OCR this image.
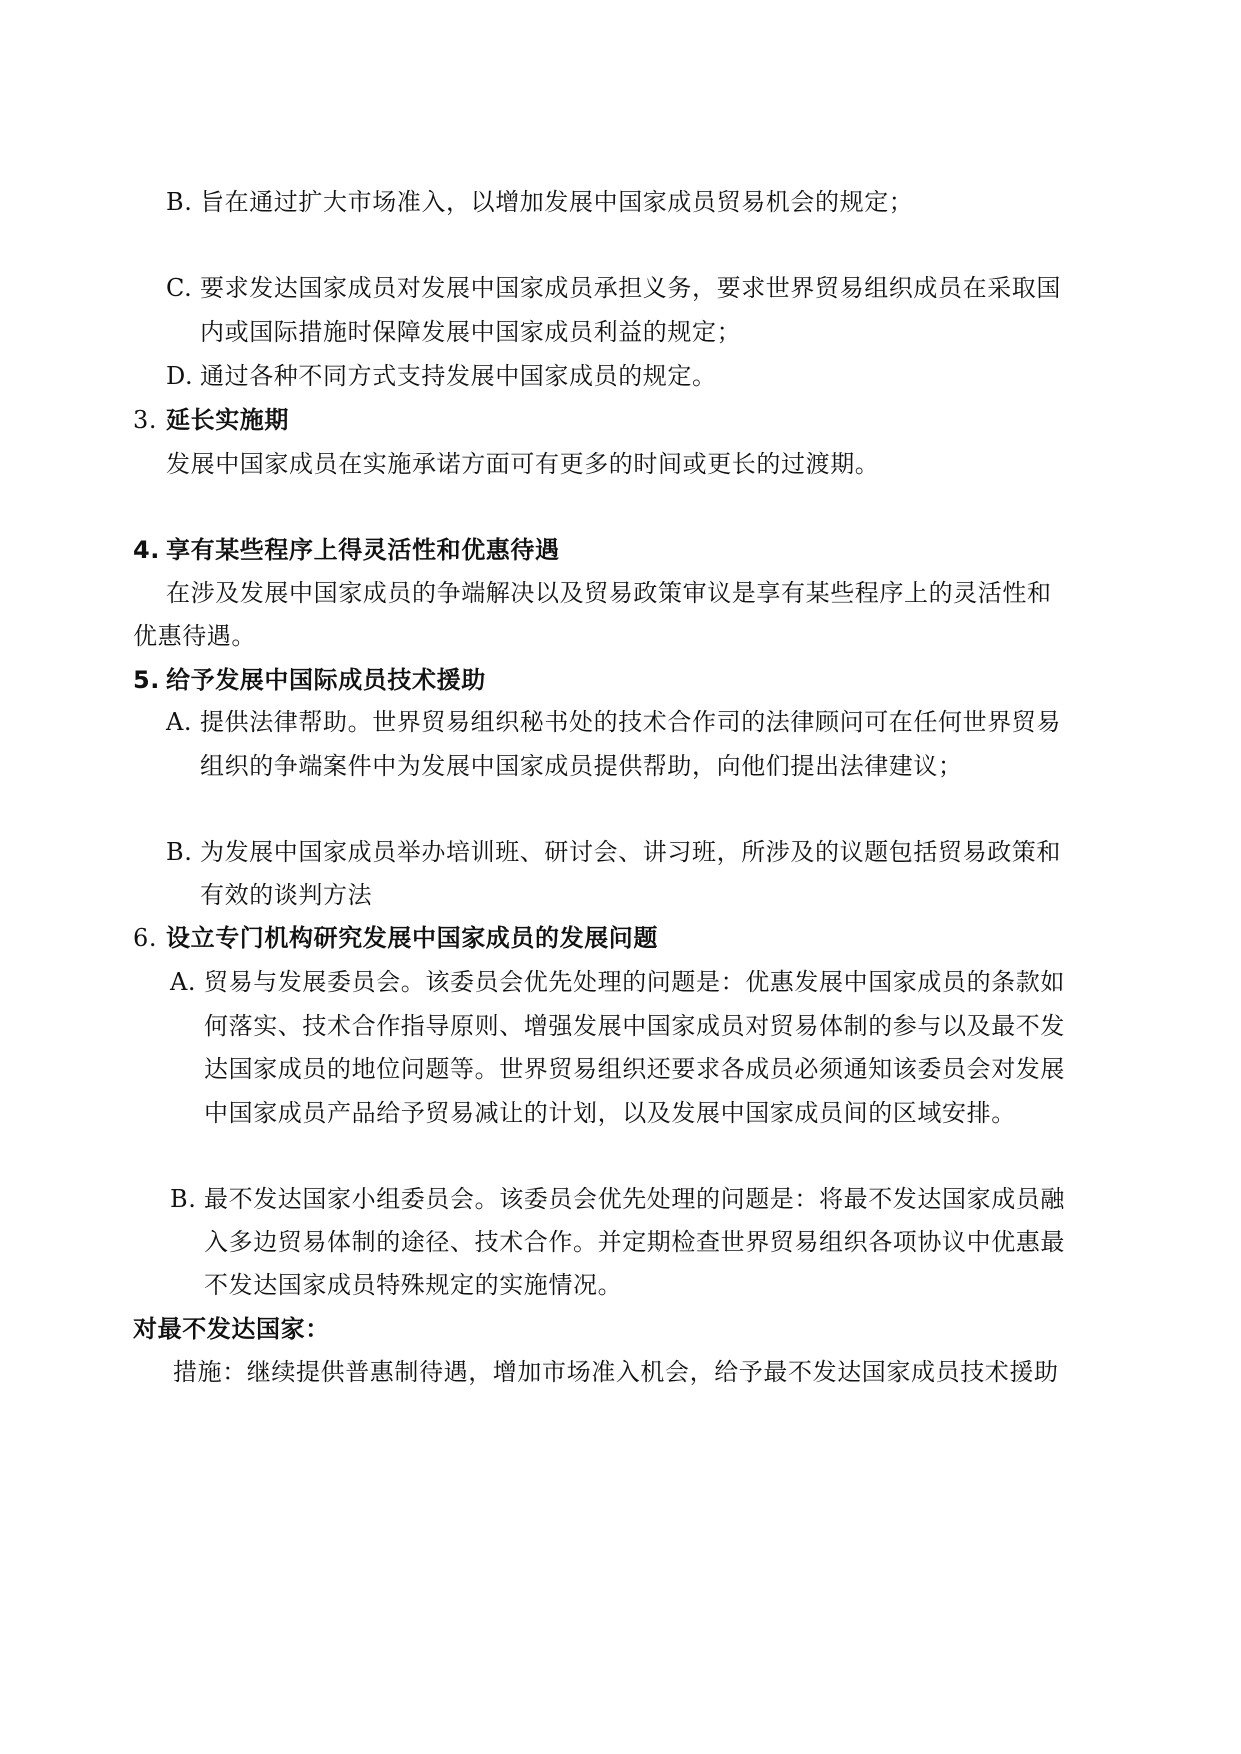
B. 旨在通过扩大市场准入，以增加发展中国家成员贸易机会的规定；
C. 要求发达国家成员对发展中国家成员承担义务，要求世界贸易组织成员在采取国
内或国际措施时保障发展中国家成员利益的规定；
D. 通过各种不同方式支持发展中国家成员的规定。
3. 延长实施期
发展中国家成员在实施承诺方面可有更多的时间或更长的过渡期。
4. 享有某些程序上得灵活性和优惠待遇
在涉及发展中国家成员的争端解决以及贸易政策审议是享有某些程序上的灵活性和
优惠待遇。
5. 给予发展中国际成员技术援助
A. 提供法律帮助。世界贸易组织秘书处的技术合作司的法律顾问可在任何世界贸易
组织的争端案件中为发展中国家成员提供帮助，向他们提出法律建议；
B. 为发展中国家成员举办培训班、研讨会、讲习班，所涉及的议题包括贸易政策和
有效的谈判方法
6. 设立专门机构研究发展中国家成员的发展问题
A. 贸易与发展委员会。该委员会优先处理的问题是：优惠发展中国家成员的条款如
何落实、技术合作指导原则、增强发展中国家成员对贸易体制的参与以及最不发
达国家成员的地位问题等。世界贸易组织还要求各成员必须通知该委员会对发展
中国家成员产品给予贸易减让的计划，以及发展中国家成员间的区域安排。
B. 最不发达国家小组委员会。该委员会优先处理的问题是：将最不发达国家成员融
入多边贸易体制的途径、技术合作。并定期检查世界贸易组织各项协议中优惠最
不发达国家成员特殊规定的实施情况。
对最不发达国家：
措施：继续提供普惠制待遇，增加市场准入机会，给予最不发达国家成员技术援助
